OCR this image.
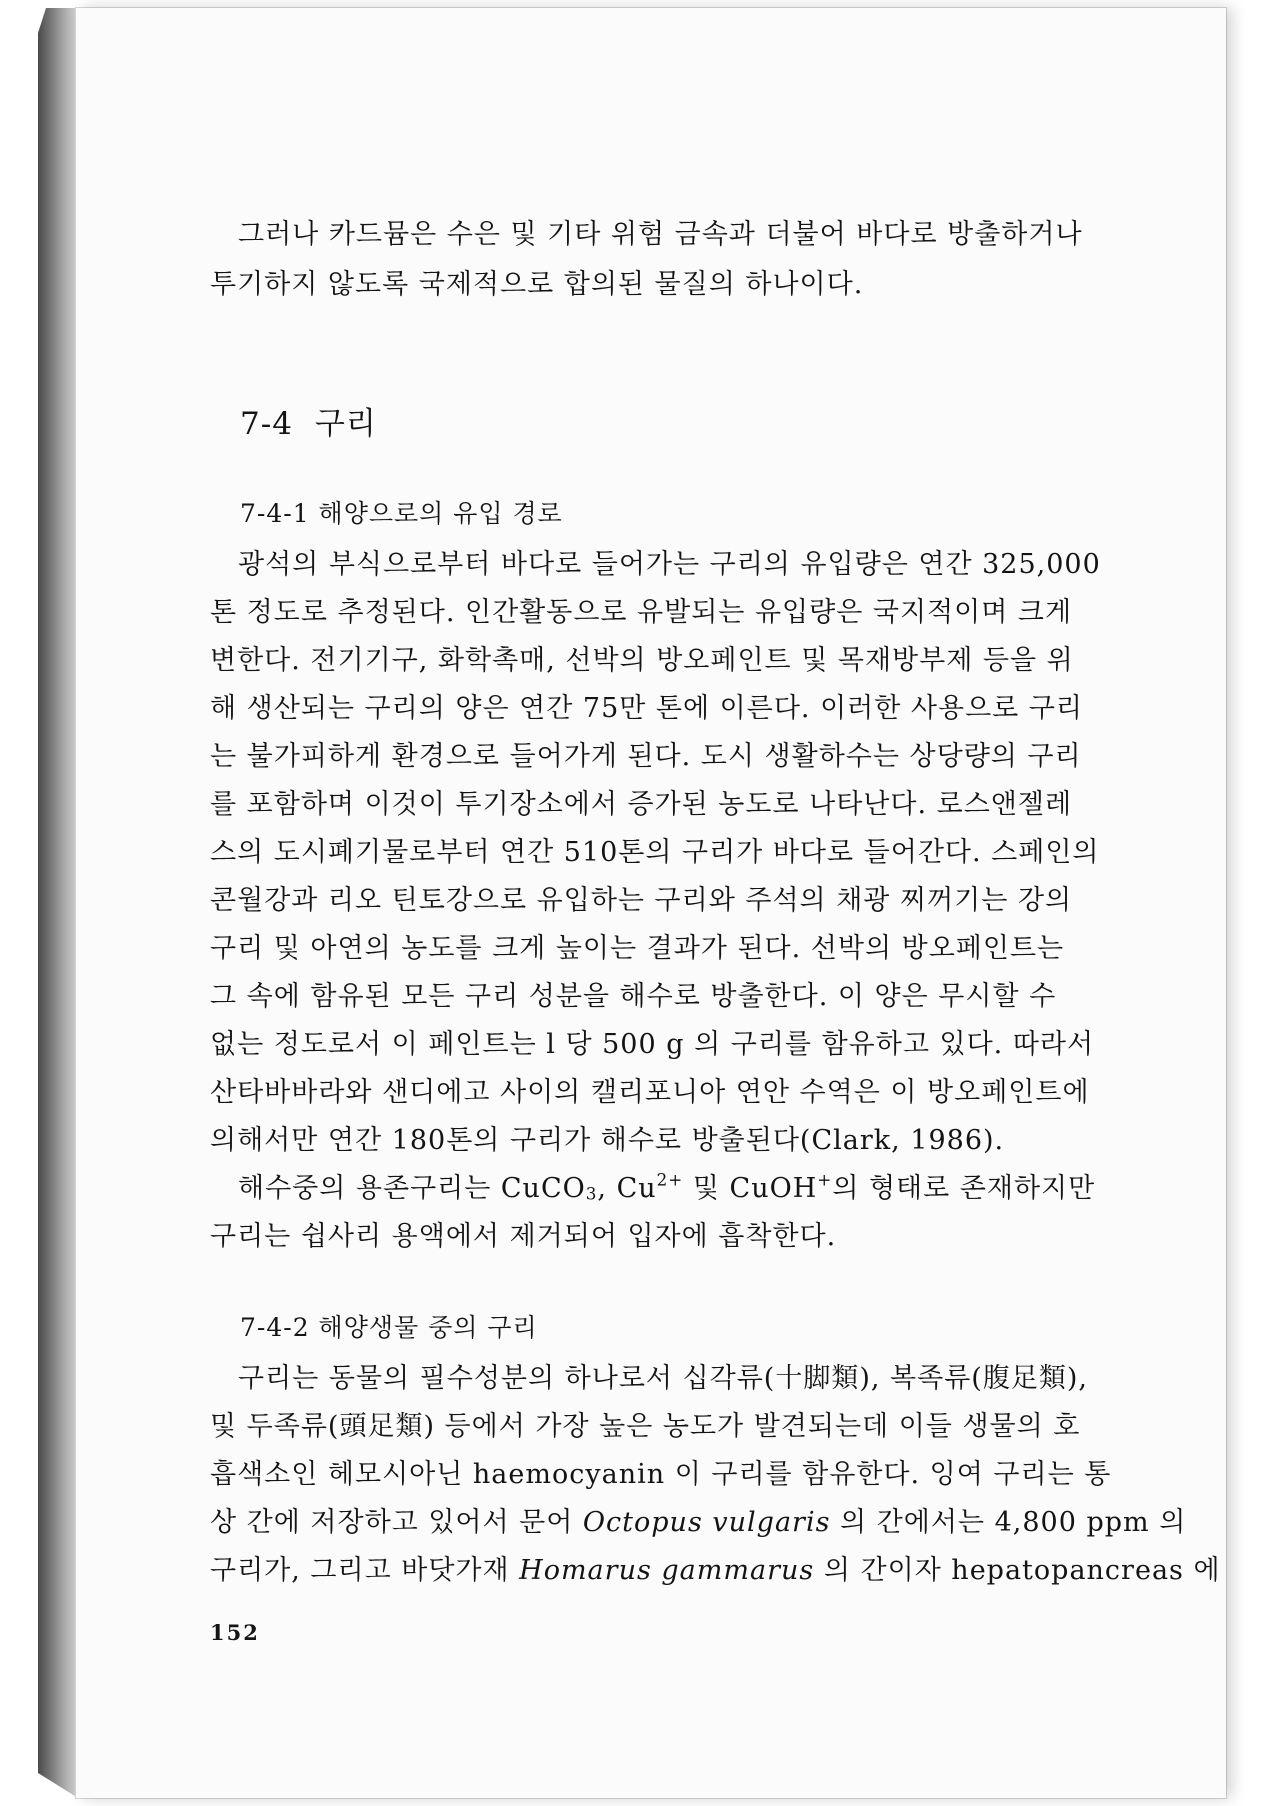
그러나 카드뮴은 수은 및 기타 위험 금속과 더불어 바다로 방출하거나
투기하지 않도록 국제적으로 합의된 물질의 하나이다.
7-4 구리
7-4-1 해양으로의 유입 경로
광석의 부식으로부터 바다로 들어가는 구리의 유입량은 연간 325,000
톤 정도로 추정된다. 인간활동으로 유발되는 유입량은 국지적이며 크게
변한다. 전기기구, 화학촉매, 선박의 방오페인트 및 목재방부제 등을 위
해 생산되는 구리의 양은 연간 75만 톤에 이른다. 이러한 사용으로 구리
는 불가피하게 환경으로 들어가게 된다. 도시 생활하수는 상당량의 구리
를 포함하며 이것이 투기장소에서 증가된 농도로 나타난다. 로스앤젤레
스의 도시폐기물로부터 연간 510톤의 구리가 바다로 들어간다. 스페인의
콘월강과 리오 틴토강으로 유입하는 구리와 주석의 채광 찌꺼기는 강의
구리 및 아연의 농도를 크게 높이는 결과가 된다. 선박의 방오페인트는
그 속에 함유된 모든 구리 성분을 해수로 방출한다. 이 양은 무시할 수
없는 정도로서 이 페인트는 l 당 500 g 의 구리를 함유하고 있다. 따라서
산타바바라와 샌디에고 사이의 캘리포니아 연안 수역은 이 방오페인트에
의해서만 연간 180톤의 구리가 해수로 방출된다(Clark, 1986).
해수중의 용존구리는 CuCO$_3$, $Cu^{2+}$ 및 CuOH+의 형태로 존재하지만
구리는 쉽사리 용액에서 제거되어 입자에 흡착한다.
7-4-2 해양생물 중의 구리
구리는 동물의 필수성분의 하나로서 십각류(十脚類), 복족류(腹足類),
및 두족류(頭足類) 등에서 가장 높은 농도가 발견되는데 이들 생물의 호
흡색소인 헤모시아닌 haemocyanin 이 구리를 함유한다. 잉여 구리는 통
상 간에 저장하고 있어서 문어 Octopus vulgaris 의 간에서는 4,800 ppm 의
구리가, 그리고 바닷가재 Homarus gammarus 의 간이자 hepatopancreas 에
152
